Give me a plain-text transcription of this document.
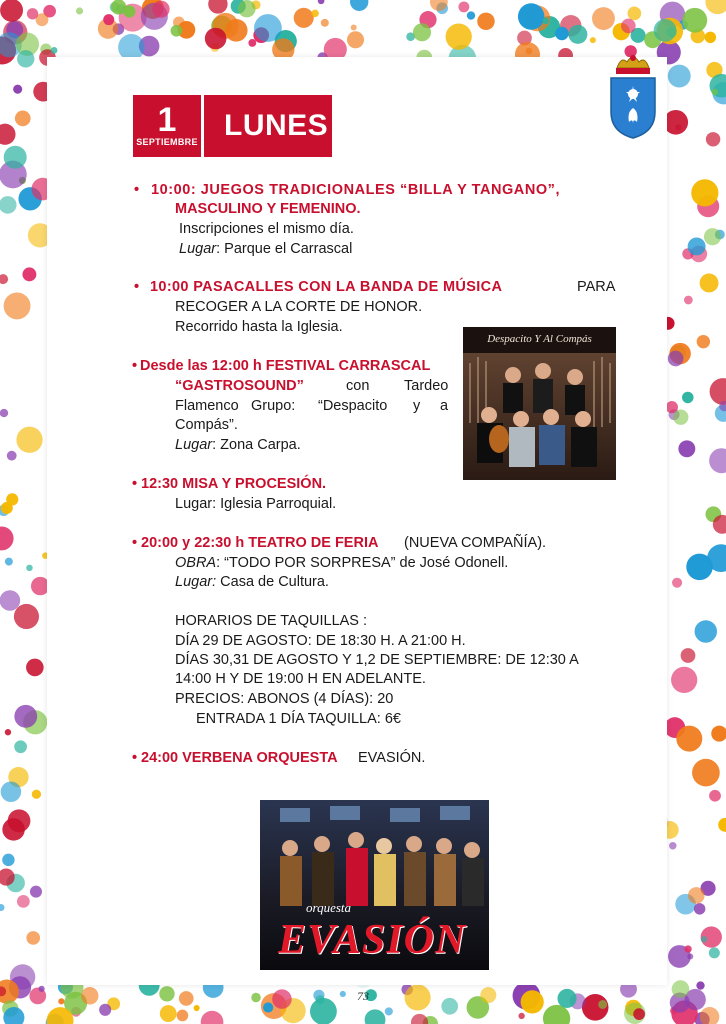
1
SEPTIEMBRE LUNES
• 10:00: JUEGOS TRADICIONALES “BILLA Y TANGANO”,
MASCULINO Y FEMENINO.
Inscripciones el mismo día.
Lugar: Parque el Carrascal
• 10:00 PASACALLES CON LA BANDA DE MÚSICA	PARA
RECOGER A LA CORTE DE HONOR.
Recorrido hasta la Iglesia.
• Desde las 12:00 h FESTIVAL CARRASCAL
“GASTROSOUND”	con Tardeo
Flamenco Grupo: “Despacito y a
Compás”.
Lugar: Zona Carpa.
Despacito Y Al Compás
• 12:30 MISA Y PROCESIÓN.
Lugar: Iglesia Parroquial.
• 20:00 y 22:30 h TEATRO DE FERIA (NUEVA COMPAÑÍA).
OBRA: “TODO POR SORPRESA” de José Odonell.
Lugar: Casa de Cultura.
HORARIOS DE TAQUILLAS :
DÍA 29 DE AGOSTO: DE 18:30 H. A 21:00 H.
DÍAS 30,31 DE AGOSTO Y 1,2 DE SEPTIEMBRE: DE 12:30 A
14:00 H Y DE 19:00 H EN ADELANTE.
PRECIOS: ABONOS (4 DÍAS): 20
ENTRADA 1 DÍA TAQUILLA: 6€
• 24:00 VERBENA ORQUESTA EVASIÓN.
orquesta
EVASIÓN
73
